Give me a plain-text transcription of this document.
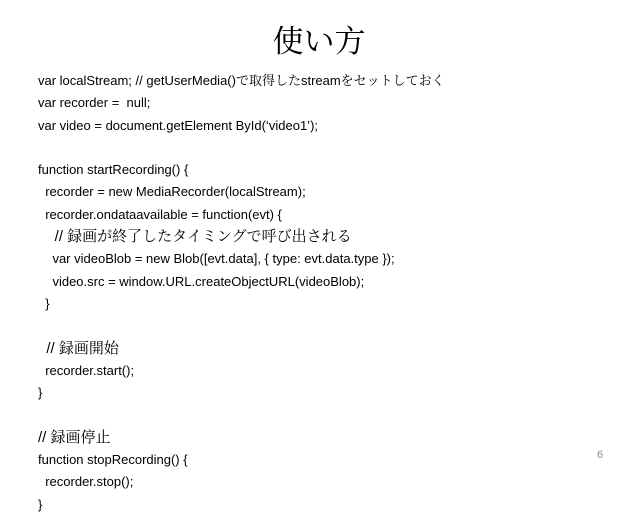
使い方
var localStream; // getUserMedia()で取得したstreamをセットしておく
var recorder =  null;
var video = document.getElement ById(‘video1’);
function startRecording() {
recorder = new MediaRecorder(localStream);
recorder.ondataavailable = function(evt) {
// 録画が終了したタイミングで呼び出される
var videoBlob = new Blob([evt.data], { type: evt.data.type });
video.src = window.URL.createObjectURL(videoBlob);
}
// 録画開始
recorder.start();
}
// 録画停止
function stopRecording() {
recorder.stop();
}
6
